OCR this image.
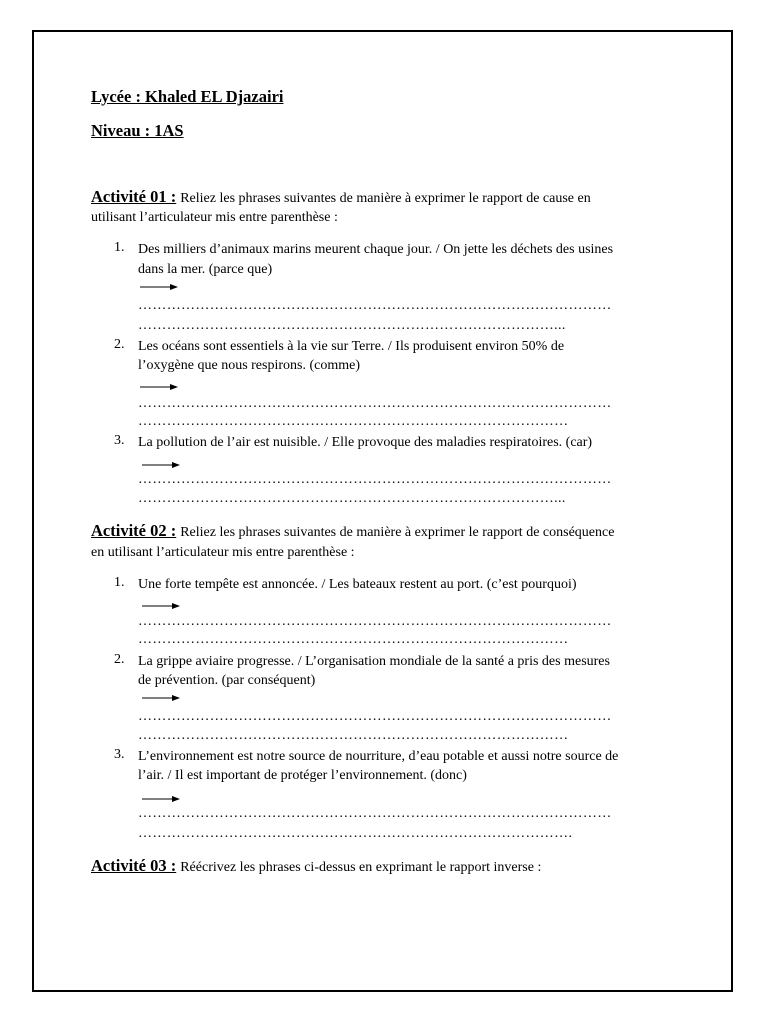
Lycée : Khaled EL Djazairi
Niveau : 1AS
Activité 01 : Reliez les phrases suivantes de manière à exprimer le rapport de cause en
utilisant l’articulateur mis entre parenthèse :
1. Des milliers d’animaux marins meurent chaque jour. / On jette les déchets des usines
dans la mer. (parce que)
………………………………………………………………………………………
……………………………………………………………………………...
2. Les océans sont essentiels à la vie sur Terre. / Ils produisent environ 50% de
l’oxygène que nous respirons. (comme)
………………………………………………………………………………………
………………………………………………………………………………
3. La pollution de l’air est nuisible. / Elle provoque des maladies respiratoires. (car)
………………………………………………………………………………………
……………………………………………………………………………...
Activité 02 : Reliez les phrases suivantes de manière à exprimer le rapport de conséquence
en utilisant l’articulateur mis entre parenthèse :
1. Une forte tempête est annoncée. / Les bateaux restent au port. (c’est pourquoi)
………………………………………………………………………………………
………………………………………………………………………………
2. La grippe aviaire progresse. / L’organisation mondiale de la santé a pris des mesures
de prévention. (par conséquent)
………………………………………………………………………………………
………………………………………………………………………………
3. L’environnement est notre source de nourriture, d’eau potable et aussi notre source de
l’air. / Il est important de protéger l’environnement. (donc)
………………………………………………………………………………………
……………………………………………………………………………….
Activité 03 : Réécrivez les phrases ci-dessus en exprimant le rapport inverse :
